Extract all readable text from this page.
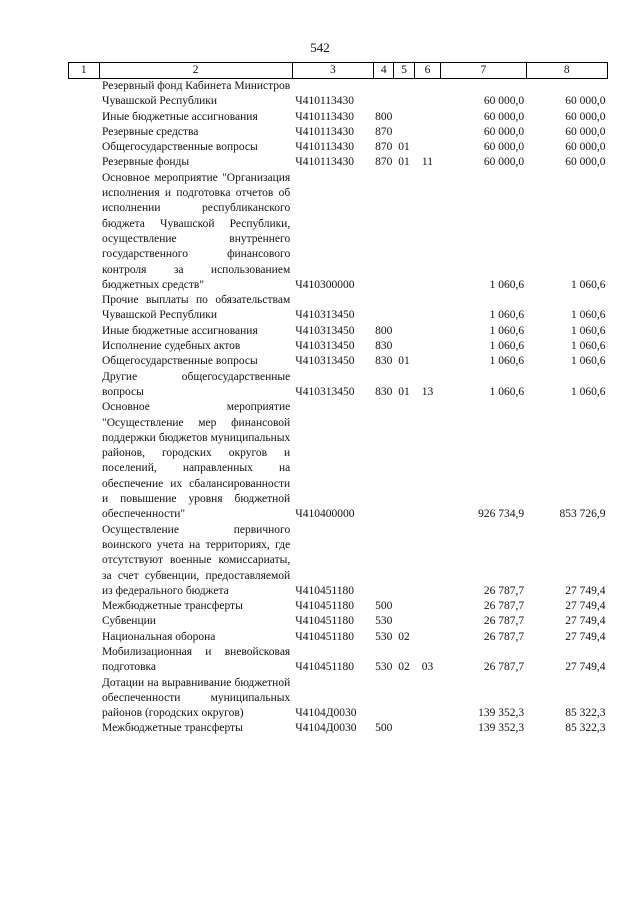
542
1	2	3	4	5	6	7	8
	Резервный фонд Кабинета Министров Чувашской Республики	Ч410113430				60 000,0	60 000,0
	Иные бюджетные ассигнования	Ч410113430	800			60 000,0	60 000,0
	Резервные средства	Ч410113430	870			60 000,0	60 000,0
	Общегосударственные вопросы	Ч410113430	870	01		60 000,0	60 000,0
	Резервные фонды	Ч410113430	870	01	11	60 000,0	60 000,0
	Основное мероприятие "Организация исполнения и подготовка отчетов об исполнении республиканского бюджета Чувашской Республики, осуществление внутреннего государственного финансового контроля за использованием бюджетных средств"	Ч410300000				1 060,6	1 060,6
	Прочие выплаты по обязательствам Чувашской Республики	Ч410313450				1 060,6	1 060,6
	Иные бюджетные ассигнования	Ч410313450	800			1 060,6	1 060,6
	Исполнение судебных актов	Ч410313450	830			1 060,6	1 060,6
	Общегосударственные вопросы	Ч410313450	830	01		1 060,6	1 060,6
	Другие общегосударственные вопросы	Ч410313450	830	01	13	1 060,6	1 060,6
	Основное мероприятие "Осуществление мер финансовой поддержки бюджетов муниципальных районов, городских округов и поселений, направленных на обеспечение их сбалансированности и повышение уровня бюджетной обеспеченности"	Ч410400000				926 734,9	853 726,9
	Осуществление первичного воинского учета на территориях, где отсутствуют военные комиссариаты, за счет субвенции, предоставляемой из федерального бюджета	Ч410451180				26 787,7	27 749,4
	Межбюджетные трансферты	Ч410451180	500			26 787,7	27 749,4
	Субвенции	Ч410451180	530			26 787,7	27 749,4
	Национальная оборона	Ч410451180	530	02		26 787,7	27 749,4
	Мобилизационная и вневойсковая подготовка	Ч410451180	530	02	03	26 787,7	27 749,4
	Дотации на выравнивание бюджетной обеспеченности муниципальных районов (городских округов)	Ч4104Д0030				139 352,3	85 322,3
	Межбюджетные трансферты	Ч4104Д0030	500			139 352,3	85 322,3
